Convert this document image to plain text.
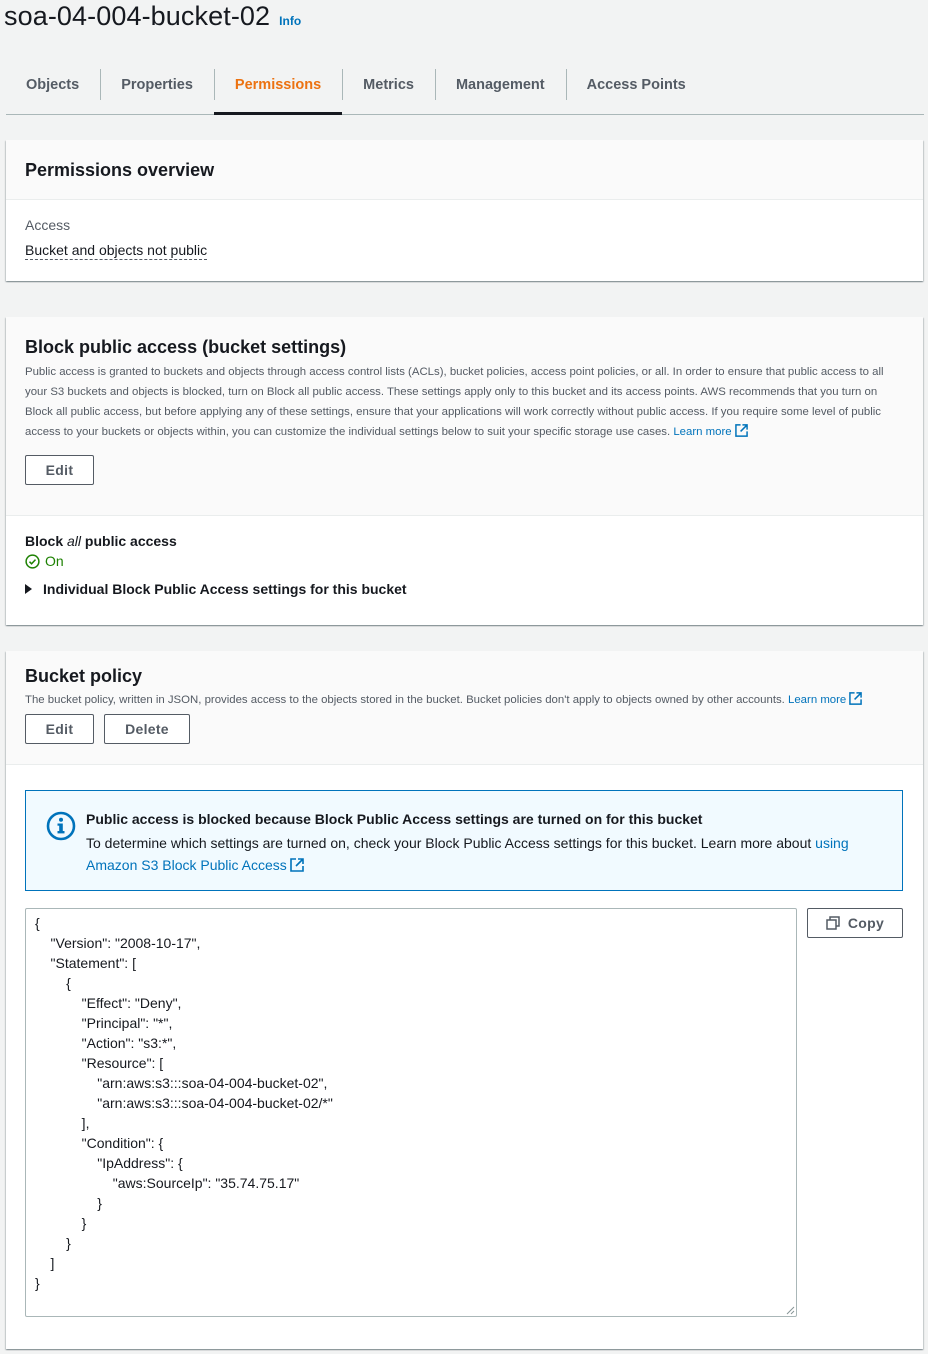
soa-04-004-bucket-02 Info
Objects	Properties	Permissions	Metrics	Management	Access Points
Permissions overview
Access
Bucket and objects not public
Block public access (bucket settings)

Public access is granted to buckets and objects through access control lists (ACLs), bucket policies, access point policies, or all. In order to ensure that public access to all your S3 buckets and objects is blocked, turn on Block all public access. These settings apply only to this bucket and its access points. AWS recommends that you turn on Block all public access, but before applying any of these settings, ensure that your applications will work correctly without public access. If you require some level of public access to your buckets or objects within, you can customize the individual settings below to suit your specific storage use cases. Learn more

Edit
Block all public access
On
Individual Block Public Access settings for this bucket
Bucket policy

The bucket policy, written in JSON, provides access to the objects stored in the bucket. Bucket policies don't apply to objects owned by other accounts. Learn more

Edit	Delete
Public access is blocked because Block Public Access settings are turned on for this bucket
To determine which settings are turned on, check your Block Public Access settings for this bucket. Learn more about using Amazon S3 Block Public Access
{
"Version": "2008-10-17",
"Statement": [
{
"Effect": "Deny",
"Principal": "*",
"Action": "s3:*",
"Resource": [
"arn:aws:s3:::soa-04-004-bucket-02",
"arn:aws:s3:::soa-04-004-bucket-02/*"
],
"Condition": {
"IpAddress": {
"aws:SourceIp": "35.74.75.17"
}
}
}
]
}
Copy
